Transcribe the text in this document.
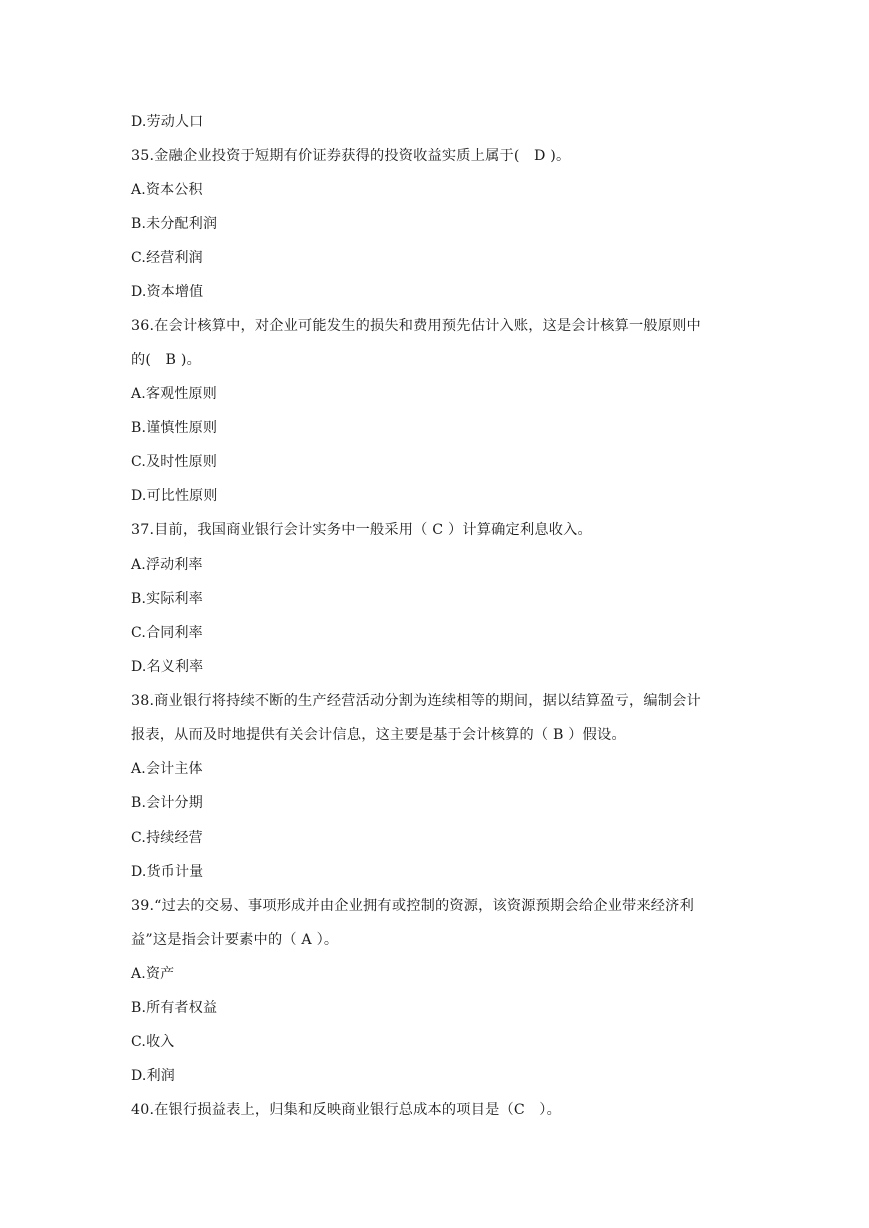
D.劳动人口
35.金融企业投资于短期有价证券获得的投资收益实质上属于(　D )。
A.资本公积
B.未分配利润
C.经营利润
D.资本增值
36.在会计核算中，对企业可能发生的损失和费用预先估计入账，这是会计核算一般原则中
的(　B )。
A.客观性原则
B.谨慎性原则
C.及时性原则
D.可比性原则
37.目前，我国商业银行会计实务中一般采用（ C ）计算确定利息收入。
A.浮动利率
B.实际利率
C.合同利率
D.名义利率
38.商业银行将持续不断的生产经营活动分割为连续相等的期间，据以结算盈亏，编制会计
报表，从而及时地提供有关会计信息，这主要是基于会计核算的（ B ）假设。
A.会计主体
B.会计分期
C.持续经营
D.货币计量
39.“过去的交易、事项形成并由企业拥有或控制的资源，该资源预期会给企业带来经济利
益”这是指会计要素中的（ A ）。
A.资产
B.所有者权益
C.收入
D.利润
40.在银行损益表上，归集和反映商业银行总成本的项目是（C　）。
